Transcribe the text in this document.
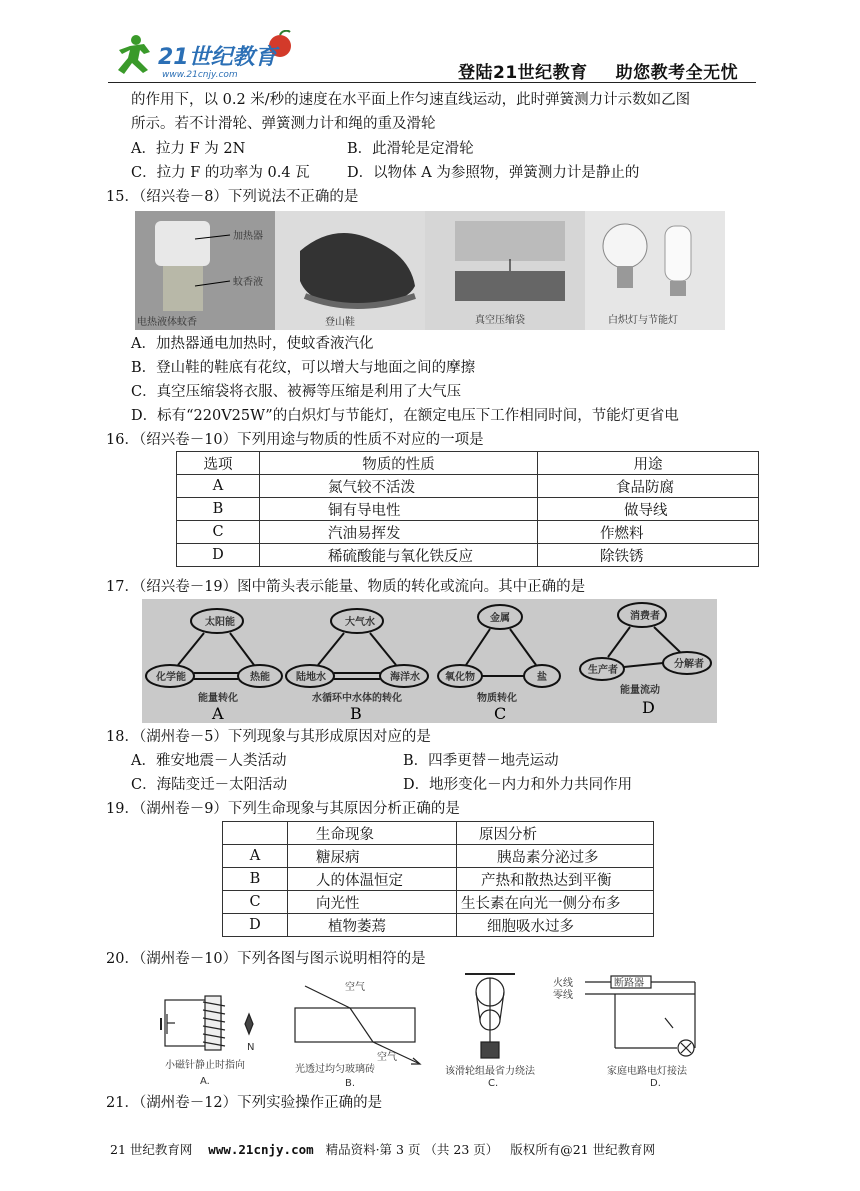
21世纪教育
www.21cnjy.com	登陆21世纪教育 助您教考全无忧
的作用下，以 0.2 米/秒的速度在水平面上作匀速直线运动，此时弹簧测力计示数如乙图
所示。若不计滑轮、弹簧测力计和绳的重及滑轮
A．拉力 F 为 2N	B．此滑轮是定滑轮
C．拉力 F 的功率为 0.4 瓦	D．以物体 A 为参照物，弹簧测力计是静止的
15．（绍兴卷－8）下列说法不正确的是
加热器
蚊香液
电热液体蚊香	登山鞋	真空压缩袋	白炽灯与节能灯
A．加热器通电加热时，使蚊香液汽化
B．登山鞋的鞋底有花纹，可以增大与地面之间的摩擦
C．真空压缩袋将衣服、被褥等压缩是利用了大气压
D．标有“220V25W”的白炽灯与节能灯，在额定电压下工作相同时间，节能灯更省电
16．（绍兴卷－10）下列用途与物质的性质不对应的一项是
选项	物质的性质	用途
A	氮气较不活泼	食品防腐
B	铜有导电性	做导线
C	汽油易挥发	作燃料
D	稀硫酸能与氧化铁反应	除铁锈
17．（绍兴卷－19）图中箭头表示能量、物质的转化或流向。其中正确的是
太阳能
化学能	热能
能量转化
A
大气水
陆地水	海洋水
水循环中水体的转化
B
金属
氧化物	盐
物质转化
C
消费者
生产者
分解者
能量流动
D
18．（湖州卷－5）下列现象与其形成原因对应的是
A．雅安地震－人类活动	B．四季更替－地壳运动
C．海陆变迁－太阳活动	D．地形变化－内力和外力共同作用
19．（湖州卷－9）下列生命现象与其原因分析正确的是
	生命现象	原因分析
A	糖尿病	胰岛素分泌过多
B	人的体温恒定	产热和散热达到平衡
C	向光性	生长素在向光一侧分布多
D	植物萎蔫	细胞吸水过多
20．（湖州卷－10）下列各图与图示说明相符的是
N
小磁针静止时指向
A.
空气
空气
光透过均匀玻璃砖
B.
该滑轮组最省力绕法
C.
火线
零线
断路器
家庭电路电灯接法
D.
21．（湖州卷－12）下列实验操作正确的是
21 世纪教育网 www.21cnjy.com 精品资料·第 3 页 （共 23 页） 版权所有@21 世纪教育网
